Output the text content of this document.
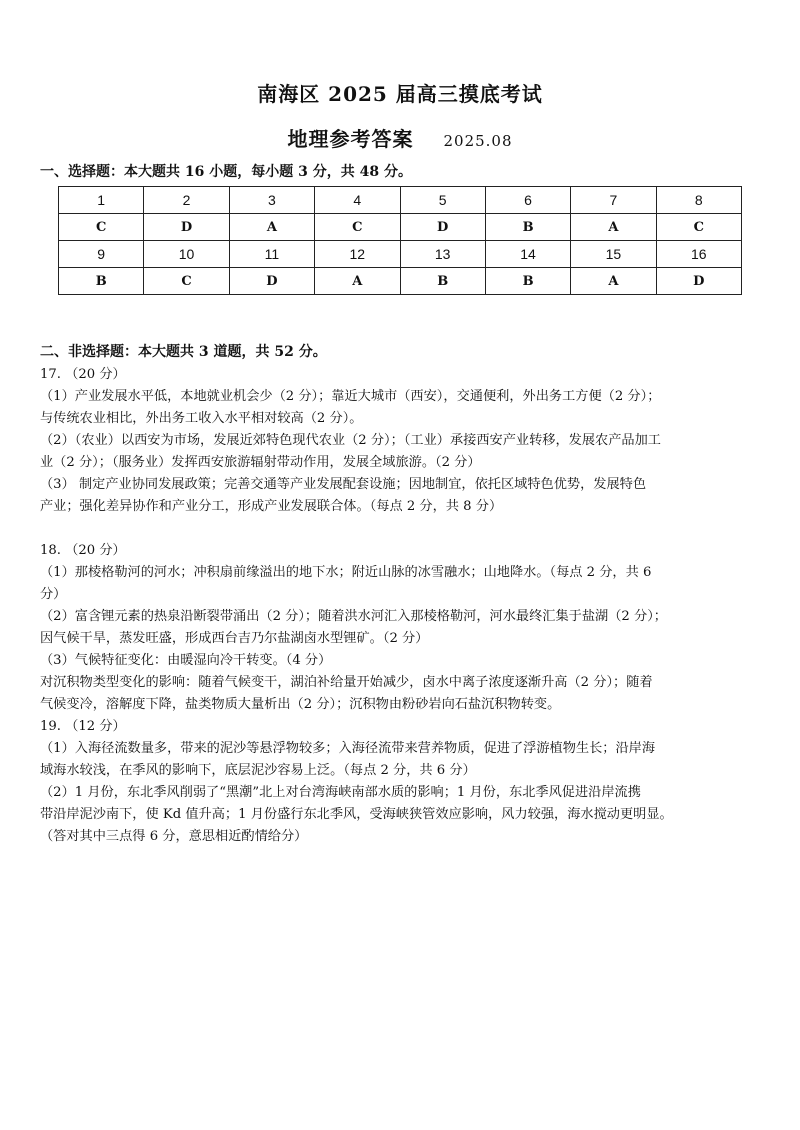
南海区 2025 届高三摸底考试
地理参考答案 2025.08
一、选择题：本大题共 16 小题，每小题 3 分，共 48 分。
1	2	3	4	5	6	7	8
C	D	A	C	D	B	A	C
9	10	11	12	13	14	15	16
B	C	D	A	B	B	A	D
二、非选择题：本大题共 3 道题，共 52 分。

17. （20 分）

（1）产业发展水平低，本地就业机会少（2 分）；靠近大城市（西安），交通便利，外出务工方便（2 分）；

与传统农业相比，外出务工收入水平相对较高（2 分）。

（2）（农业）以西安为市场，发展近郊特色现代农业（2 分）；（工业）承接西安产业转移，发展农产品加工

业（2 分）；（服务业）发挥西安旅游辐射带动作用，发展全域旅游。（2 分）

（3） 制定产业协同发展政策；完善交通等产业发展配套设施；因地制宜，依托区域特色优势，发展特色

产业；强化差异协作和产业分工，形成产业发展联合体。（每点 2 分，共 8 分）

18. （20 分）

（1）那棱格勒河的河水；冲积扇前缘溢出的地下水；附近山脉的冰雪融水；山地降水。（每点 2 分，共 6

分）

（2）富含锂元素的热泉沿断裂带涌出（2 分）；随着洪水河汇入那棱格勒河，河水最终汇集于盐湖（2 分）；

因气候干旱，蒸发旺盛，形成西台吉乃尔盐湖卤水型锂矿。（2 分）

（3）气候特征变化：由暖湿向冷干转变。（4 分）

对沉积物类型变化的影响：随着气候变干，湖泊补给量开始减少，卤水中离子浓度逐渐升高（2 分）；随着

气候变冷，溶解度下降，盐类物质大量析出（2 分）；沉积物由粉砂岩向石盐沉积物转变。

19. （12 分）

（1）入海径流数量多，带来的泥沙等悬浮物较多；入海径流带来营养物质，促进了浮游植物生长；沿岸海

域海水较浅，在季风的影响下，底层泥沙容易上泛。（每点 2 分，共 6 分）

（2）1 月份，东北季风削弱了“黑潮”北上对台湾海峡南部水质的影响；1 月份，东北季风促进沿岸流携

带沿岸泥沙南下，使 Kd 值升高；1 月份盛行东北季风，受海峡狭管效应影响，风力较强，海水搅动更明显。

（答对其中三点得 6 分，意思相近酌情给分）
